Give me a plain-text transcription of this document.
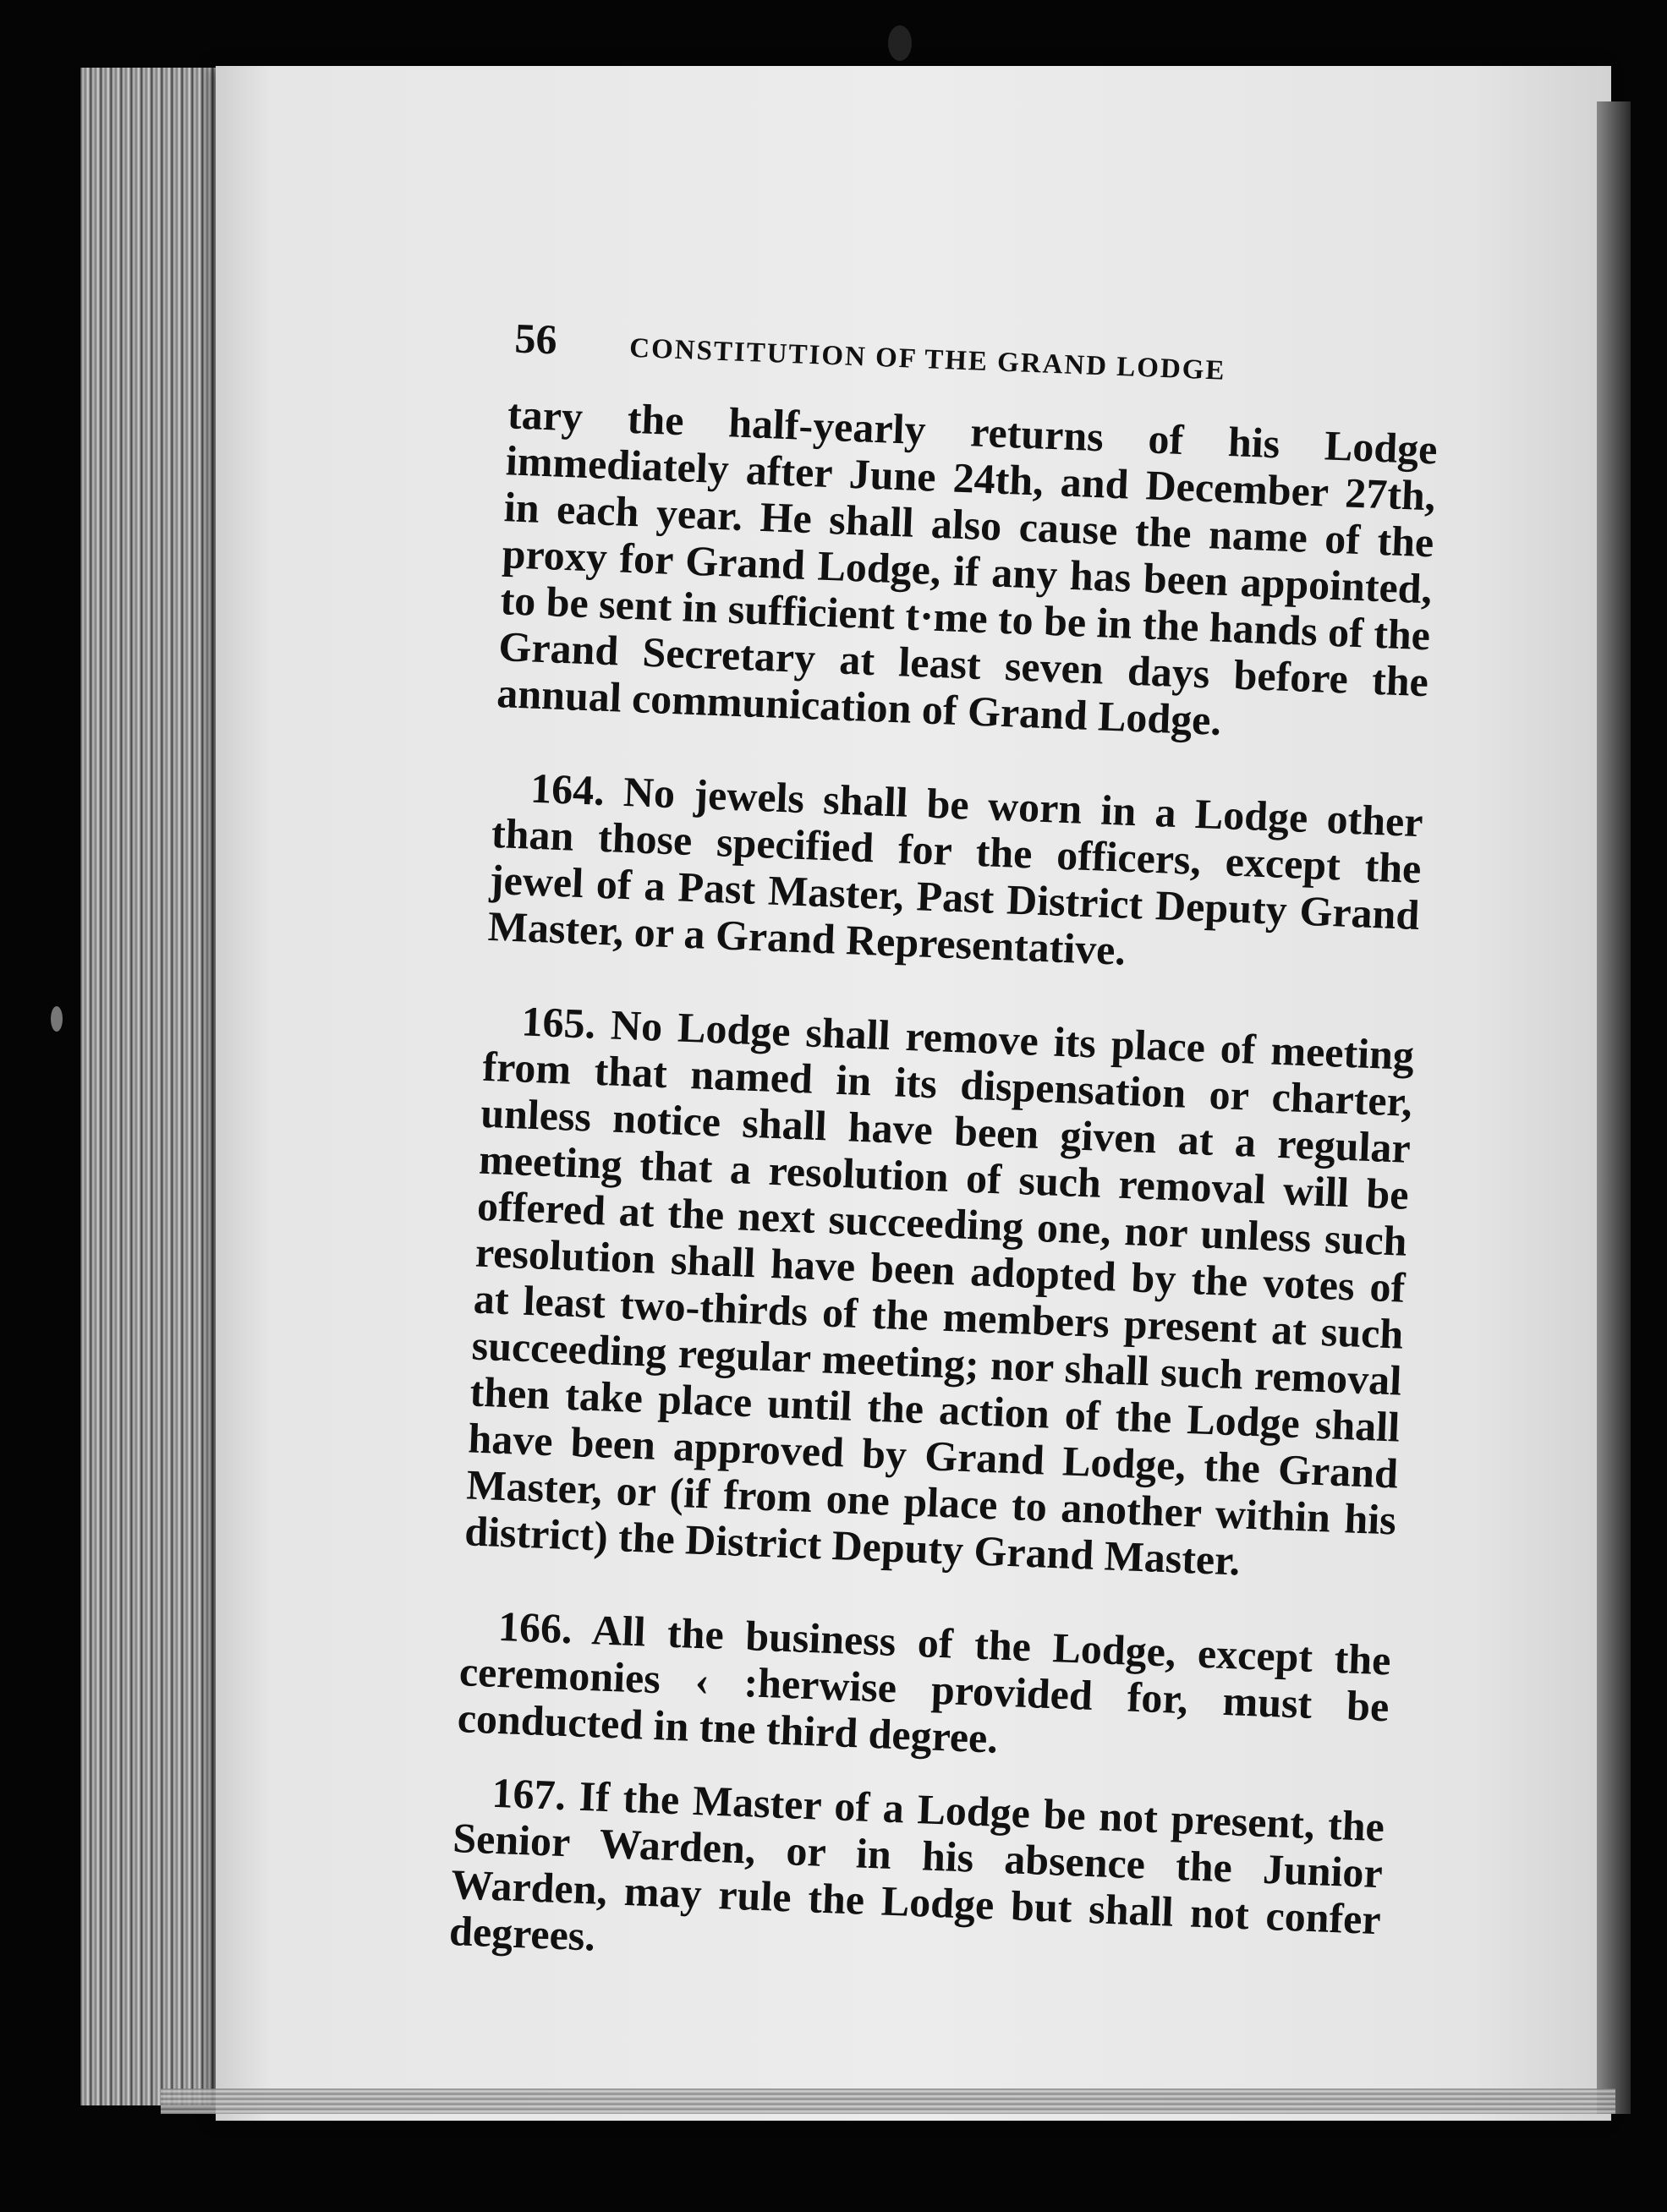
56	CONSTITUTION OF THE GRAND LODGE

tary the half-yearly returns of his Lodge immediately after June 24th, and December 27th, in each year. He shall also cause the name of the proxy for Grand Lodge, if any has been appointed, to be sent in sufficient t·me to be in the hands of the Grand Secretary at least seven days before the annual communication of Grand Lodge.

164. No jewels shall be worn in a Lodge other than those specified for the officers, except the jewel of a Past Master, Past District Deputy Grand Master, or a Grand Representative.

165. No Lodge shall remove its place of meeting from that named in its dispensation or charter, unless notice shall have been given at a regular meeting that a resolution of such removal will be offered at the next succeeding one, nor unless such resolution shall have been adopted by the votes of at least two-thirds of the members present at such succeeding regular meeting; nor shall such removal then take place until the action of the Lodge shall have been approved by Grand Lodge, the Grand Master, or (if from one place to another within his district) the District Deputy Grand Master.

166. All the business of the Lodge, except the ceremonies ‹ :herwise provided for, must be conducted in tne third degree.

167. If the Master of a Lodge be not present, the Senior Warden, or in his absence the Junior Warden, may rule the Lodge but shall not confer degrees.
